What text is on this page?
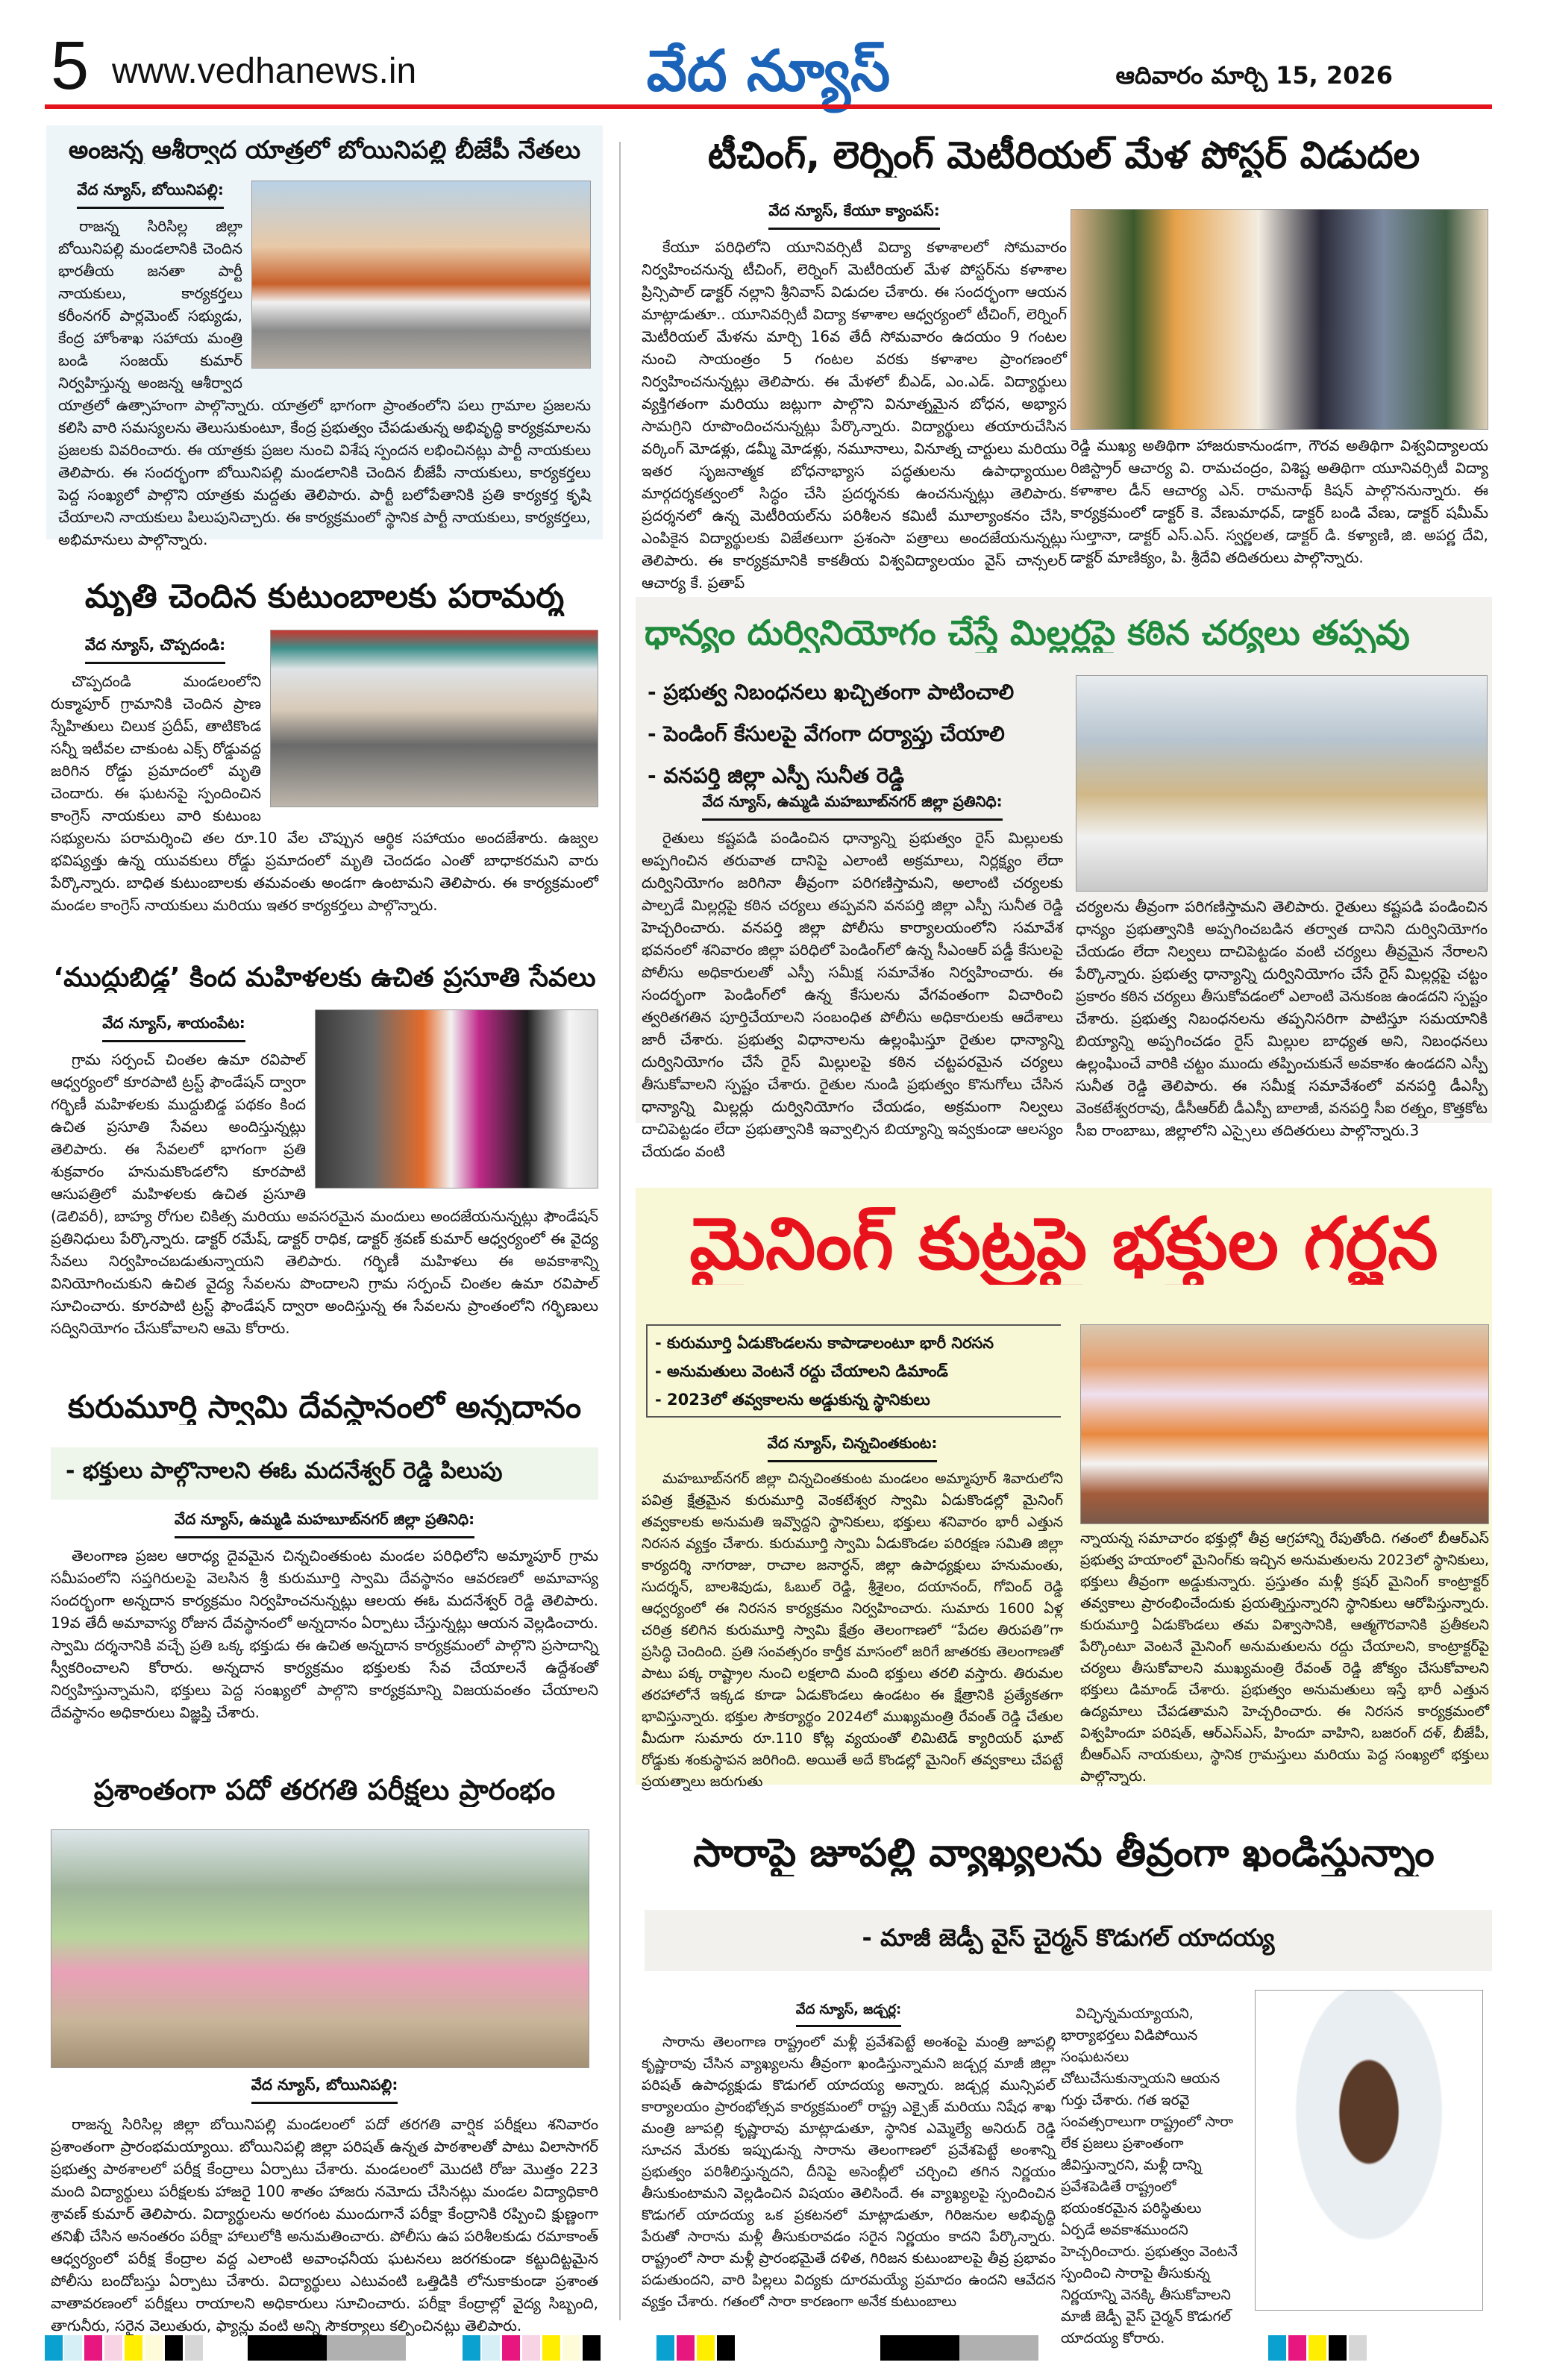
5 www.vedhanews.in	వేద న్యూస్	ఆదివారం మార్చి 15, 2026
అంజన్న ఆశీర్వాద యాత్రలో బోయినిపల్లి బీజేపీ నేతలు
వేద న్యూస్, బోయినిపల్లి:

రాజన్న సిరిసిల్ల జిల్లా బోయినిపల్లి మండలానికి చెందిన భారతీయ జనతా పార్టీ నాయకులు, కార్యకర్తలు కరీంనగర్ పార్లమెంట్ సభ్యుడు, కేంద్ర హోంశాఖ సహాయ మంత్రి బండి సంజయ్ కుమార్ నిర్వహిస్తున్న అంజన్న ఆశీర్వాద యాత్రలో ఉత్సాహంగా పాల్గొన్నారు. యాత్రలో భాగంగా ప్రాంతంలోని పలు గ్రామాల ప్రజలను కలిసి వారి సమస్యలను తెలుసుకుంటూ, కేంద్ర ప్రభుత్వం చేపడుతున్న అభివృద్ధి కార్యక్రమాలను ప్రజలకు వివరించారు. ఈ యాత్రకు ప్రజల నుంచి విశేష స్పందన లభించినట్లు పార్టీ నాయకులు తెలిపారు. ఈ సందర్భంగా బోయినిపల్లి మండలానికి చెందిన బీజేపీ నాయకులు, కార్యకర్తలు పెద్ద సంఖ్యలో పాల్గొని యాత్రకు మద్దతు తెలిపారు. పార్టీ బలోపేతానికి ప్రతి కార్యకర్త కృషి చేయాలని నాయకులు పిలుపునిచ్చారు. ఈ కార్యక్రమంలో స్థానిక పార్టీ నాయకులు, కార్యకర్తలు, అభిమానులు పాల్గొన్నారు.

మృతి చెందిన కుటుంబాలకు పరామర్శ
వేద న్యూస్, చొప్పదండి:

చొప్పదండి మండలంలోని రుక్మాపూర్ గ్రామానికి చెందిన ప్రాణ స్నేహితులు చిలుక ప్రదీప్, తాటికొండ సన్నీ ఇటీవల చాకుంట ఎక్స్ రోడ్డువద్ద జరిగిన రోడ్డు ప్రమాదంలో మృతి చెందారు. ఈ ఘటనపై స్పందించిన కాంగ్రెస్ నాయకులు వారి కుటుంబ సభ్యులను పరామర్శించి తల రూ.10 వేల చొప్పున ఆర్థిక సహాయం అందజేశారు. ఉజ్వల భవిష్యత్తు ఉన్న యువకులు రోడ్డు ప్రమాదంలో మృతి చెందడం ఎంతో బాధాకరమని వారు పేర్కొన్నారు. బాధిత కుటుంబాలకు తమవంతు అండగా ఉంటామని తెలిపారు. ఈ కార్యక్రమంలో మండల కాంగ్రెస్ నాయకులు మరియు ఇతర కార్యకర్తలు పాల్గొన్నారు.

‘ముద్దుబిడ్డ’ కింద మహిళలకు ఉచిత ప్రసూతి సేవలు
వేద న్యూస్, శాయంపేట:

గ్రామ సర్పంచ్ చింతల ఉమా రవిపాల్ ఆధ్వర్యంలో కూరపాటి ట్రస్ట్ ఫౌండేషన్ ద్వారా గర్భిణీ మహిళలకు ముద్దుబిడ్డ పథకం కింద ఉచిత ప్రసూతి సేవలు అందిస్తున్నట్లు తెలిపారు. ఈ సేవలలో భాగంగా ప్రతి శుక్రవారం హనుమకొండలోని కూరపాటి ఆసుపత్రిలో మహిళలకు ఉచిత ప్రసూతి (డెలివరీ), బాహ్య రోగుల చికిత్స మరియు అవసరమైన మందులు అందజేయనున్నట్లు ఫౌండేషన్ ప్రతినిధులు పేర్కొన్నారు. డాక్టర్ రమేష్, డాక్టర్ రాధిక, డాక్టర్ శ్రవణ్ కుమార్ ఆధ్వర్యంలో ఈ వైద్య సేవలు నిర్వహించబడుతున్నాయని తెలిపారు. గర్భిణీ మహిళలు ఈ అవకాశాన్ని వినియోగించుకుని ఉచిత వైద్య సేవలను పొందాలని గ్రామ సర్పంచ్ చింతల ఉమా రవిపాల్ సూచించారు. కూరపాటి ట్రస్ట్ ఫౌండేషన్ ద్వారా అందిస్తున్న ఈ సేవలను ప్రాంతంలోని గర్భిణులు సద్వినియోగం చేసుకోవాలని ఆమె కోరారు.

కురుమూర్తి స్వామి దేవస్థానంలో అన్నదానం
- భక్తులు పాల్గొనాలని ఈఓ మదనేశ్వర్ రెడ్డి పిలుపు
వేద న్యూస్, ఉమ్మడి మహబూబ్‌నగర్ జిల్లా ప్రతినిధి:

తెలంగాణ ప్రజల ఆరాధ్య దైవమైన చిన్నచింతకుంట మండల పరిధిలోని అమ్మాపూర్ గ్రామ సమీపంలోని సప్తగిరులపై వెలసిన శ్రీ కురుమూర్తి స్వామి దేవస్థానం ఆవరణలో అమావాస్య సందర్భంగా అన్నదాన కార్యక్రమం నిర్వహించనున్నట్లు ఆలయ ఈఓ మదనేశ్వర్ రెడ్డి తెలిపారు. 19వ తేదీ అమావాస్య రోజున దేవస్థానంలో అన్నదానం ఏర్పాటు చేస్తున్నట్లు ఆయన వెల్లడించారు. స్వామి దర్శనానికి వచ్చే ప్రతి ఒక్క భక్తుడు ఈ ఉచిత అన్నదాన కార్యక్రమంలో పాల్గొని ప్రసాదాన్ని స్వీకరించాలని కోరారు. అన్నదాన కార్యక్రమం భక్తులకు సేవ చేయాలనే ఉద్దేశంతో నిర్వహిస్తున్నామని, భక్తులు పెద్ద సంఖ్యలో పాల్గొని కార్యక్రమాన్ని విజయవంతం చేయాలని దేవస్థానం అధికారులు విజ్ఞప్తి చేశారు.

ప్రశాంతంగా పదో తరగతి పరీక్షలు ప్రారంభం
వేద న్యూస్, బోయినిపల్లి:

రాజన్న సిరిసిల్ల జిల్లా బోయినిపల్లి మండలంలో పదో తరగతి వార్షిక పరీక్షలు శనివారం ప్రశాంతంగా ప్రారంభమయ్యాయి. బోయినిపల్లి జిల్లా పరిషత్ ఉన్నత పాఠశాలతో పాటు విలాసాగర్ ప్రభుత్వ పాఠశాలలో పరీక్ష కేంద్రాలు ఏర్పాటు చేశారు. మండలంలో మొదటి రోజు మొత్తం 223 మంది విద్యార్థులు పరీక్షలకు హాజరై 100 శాతం హాజరు నమోదు చేసినట్లు మండల విద్యాధికారి శ్రావణ్ కుమార్ తెలిపారు. విద్యార్థులను అరగంట ముందుగానే పరీక్షా కేంద్రానికి రప్పించి క్షుణ్ణంగా తనిఖీ చేసిన అనంతరం పరీక్షా హాలులోకి అనుమతించారు. పోలీసు ఉప పరిశీలకుడు రమాకాంత్ ఆధ్వర్యంలో పరీక్ష కేంద్రాల వద్ద ఎలాంటి అవాంఛనీయ ఘటనలు జరగకుండా కట్టుదిట్టమైన పోలీసు బందోబస్తు ఏర్పాటు చేశారు. విద్యార్థులు ఎటువంటి ఒత్తిడికి లోనుకాకుండా ప్రశాంత వాతావరణంలో పరీక్షలు రాయాలని అధికారులు సూచించారు. పరీక్షా కేంద్రాల్లో వైద్య సిబ్బంది, తాగునీరు, సరైన వెలుతురు, ఫ్యాన్లు వంటి అన్ని సౌకర్యాలు కల్పించినట్లు తెలిపారు.

టీచింగ్, లెర్నింగ్ మెటీరియల్ మేళ పోస్టర్ విడుదల
వేద న్యూస్, కేయూ క్యాంపస్:

కేయూ పరిధిలోని యూనివర్సిటీ విద్యా కళాశాలలో సోమవారం నిర్వహించనున్న టీచింగ్, లెర్నింగ్ మెటీరియల్ మేళ పోస్టర్‌ను కళాశాల ప్రిన్సిపాల్ డాక్టర్ నల్లాని శ్రీనివాస్ విడుదల చేశారు. ఈ సందర్భంగా ఆయన మాట్లాడుతూ.. యూనివర్సిటీ విద్యా కళాశాల ఆధ్వర్యంలో టీచింగ్, లెర్నింగ్ మెటీరియల్ మేళను మార్చి 16వ తేదీ సోమవారం ఉదయం 9 గంటల నుంచి సాయంత్రం 5 గంటల వరకు కళాశాల ప్రాంగణంలో నిర్వహించనున్నట్లు తెలిపారు. ఈ మేళలో బీఎడ్, ఎం.ఎడ్. విద్యార్థులు వ్యక్తిగతంగా మరియు జట్లుగా పాల్గొని వినూత్నమైన బోధన, అభ్యాస సామగ్రిని రూపొందించనున్నట్లు పేర్కొన్నారు. విద్యార్థులు తయారుచేసిన వర్కింగ్ మోడళ్లు, డమ్మీ మోడళ్లు, నమూనాలు, వినూత్న చార్టులు మరియు ఇతర సృజనాత్మక బోధనాభ్యాస పద్ధతులను ఉపాధ్యాయుల మార్గదర్శకత్వంలో సిద్ధం చేసి ప్రదర్శనకు ఉంచనున్నట్లు తెలిపారు. ప్రదర్శనలో ఉన్న మెటీరియల్‌ను పరిశీలన కమిటీ మూల్యాంకనం చేసి, ఎంపికైన విద్యార్థులకు విజేతలుగా ప్రశంసా పత్రాలు అందజేయనున్నట్లు తెలిపారు. ఈ కార్యక్రమానికి కాకతీయ విశ్వవిద్యాలయం వైస్ చాన్సలర్ ఆచార్య కే. ప్రతాప్

రెడ్డి ముఖ్య అతిథిగా హాజరుకానుండగా, గౌరవ అతిథిగా విశ్వవిద్యాలయ రిజిస్ట్రార్ ఆచార్య వి. రామచంద్రం, విశిష్ట అతిథిగా యూనివర్సిటీ విద్యా కళాశాల డీన్ ఆచార్య ఎన్. రామనాథ్ కిషన్ పాల్గొననున్నారు. ఈ కార్యక్రమంలో డాక్టర్ కె. వేణుమాధవ్, డాక్టర్ బండి వేణు, డాక్టర్ షమీమ్ సుల్తానా, డాక్టర్ ఎస్.ఎస్. స్వర్ణలత, డాక్టర్ డి. కళ్యాణి, జి. అపర్ణ దేవి, డాక్టర్ మాణిక్యం, పి. శ్రీదేవి తదితరులు పాల్గొన్నారు.

ధాన్యం దుర్వినియోగం చేస్తే మిల్లర్లపై కఠిన చర్యలు తప్పవు
- ప్రభుత్వ నిబంధనలు ఖచ్చితంగా పాటించాలి
- పెండింగ్ కేసులపై వేగంగా దర్యాప్తు చేయాలి
- వనపర్తి జిల్లా ఎస్పీ సునీత రెడ్డి
వేద న్యూస్, ఉమ్మడి మహబూబ్‌నగర్ జిల్లా ప్రతినిధి:

రైతులు కష్టపడి పండించిన ధాన్యాన్ని ప్రభుత్వం రైస్ మిల్లులకు అప్పగించిన తరువాత దానిపై ఎలాంటి అక్రమాలు, నిర్లక్ష్యం లేదా దుర్వినియోగం జరిగినా తీవ్రంగా పరిగణిస్తామని, అలాంటి చర్యలకు పాల్పడే మిల్లర్లపై కఠిన చర్యలు తప్పవని వనపర్తి జిల్లా ఎస్పీ సునీత రెడ్డి హెచ్చరించారు. వనపర్తి జిల్లా పోలీసు కార్యాలయంలోని సమావేశ భవనంలో శనివారం జిల్లా పరిధిలో పెండింగ్‌లో ఉన్న సీఎంఆర్ పడ్డీ కేసులపై పోలీసు అధికారులతో ఎస్పీ సమీక్ష సమావేశం నిర్వహించారు. ఈ సందర్భంగా పెండింగ్‌లో ఉన్న కేసులను వేగవంతంగా విచారించి త్వరితగతిన పూర్తిచేయాలని సంబంధిత పోలీసు అధికారులకు ఆదేశాలు జారీ చేశారు. ప్రభుత్వ విధానాలను ఉల్లంఘిస్తూ రైతుల ధాన్యాన్ని దుర్వినియోగం చేసే రైస్ మిల్లులపై కఠిన చట్టపరమైన చర్యలు తీసుకోవాలని స్పష్టం చేశారు. రైతుల నుండి ప్రభుత్వం కొనుగోలు చేసిన ధాన్యాన్ని మిల్లర్లు దుర్వినియోగం చేయడం, అక్రమంగా నిల్వలు దాచిపెట్టడం లేదా ప్రభుత్వానికి ఇవ్వాల్సిన బియ్యాన్ని ఇవ్వకుండా ఆలస్యం చేయడం వంటి

చర్యలను తీవ్రంగా పరిగణిస్తామని తెలిపారు. రైతులు కష్టపడి పండించిన ధాన్యం ప్రభుత్వానికి అప్పగించబడిన తర్వాత దానిని దుర్వినియోగం చేయడం లేదా నిల్వలు దాచిపెట్టడం వంటి చర్యలు తీవ్రమైన నేరాలని పేర్కొన్నారు. ప్రభుత్వ ధాన్యాన్ని దుర్వినియోగం చేసే రైస్ మిల్లర్లపై చట్టం ప్రకారం కఠిన చర్యలు తీసుకోవడంలో ఎలాంటి వెనుకంజ ఉండదని స్పష్టం చేశారు. ప్రభుత్వ నిబంధనలను తప్పనిసరిగా పాటిస్తూ సమయానికి బియ్యాన్ని అప్పగించడం రైస్ మిల్లుల బాధ్యత అని, నిబంధనలు ఉల్లంఘించే వారికి చట్టం ముందు తప్పించుకునే అవకాశం ఉండదని ఎస్పీ సునీత రెడ్డి తెలిపారు. ఈ సమీక్ష సమావేశంలో వనపర్తి డీఎస్పీ వెంకటేశ్వరరావు, డీసీఆర్‌బీ డీఎస్పీ బాలాజీ, వనపర్తి సీఐ రత్నం, కొత్తకోట సీఐ రాంబాబు, జిల్లాలోని ఎస్సైలు తదితరులు పాల్గొన్నారు.3

మైనింగ్ కుట్రపై భక్తుల గర్జన
- కురుమూర్తి ఏడుకొండలను కాపాడాలంటూ భారీ నిరసన
- అనుమతులు వెంటనే రద్దు చేయాలని డిమాండ్
- 2023లో తవ్వకాలను అడ్డుకున్న స్థానికులు
వేద న్యూస్, చిన్నచింతకుంట:

మహబూబ్‌నగర్ జిల్లా చిన్నచింతకుంట మండలం అమ్మాపూర్ శివారులోని పవిత్ర క్షేత్రమైన కురుమూర్తి వెంకటేశ్వర స్వామి ఏడుకొండల్లో మైనింగ్ తవ్వకాలకు అనుమతి ఇవ్వొద్దని స్థానికులు, భక్తులు శనివారం భారీ ఎత్తున నిరసన వ్యక్తం చేశారు. కురుమూర్తి స్వామి ఏడుకొండల పరిరక్షణ సమితి జిల్లా కార్యదర్శి నాగరాజు, రాచాల జనార్ధన్, జిల్లా ఉపాధ్యక్షులు హనుమంతు, సుదర్శన్, బాలశివుడు, ఓబుల్ రెడ్డి, శ్రీశైలం, దయానంద్, గోవింద్ రెడ్డి ఆధ్వర్యంలో ఈ నిరసన కార్యక్రమం నిర్వహించారు. సుమారు 1600 ఏళ్ల చరిత్ర కలిగిన కురుమూర్తి స్వామి క్షేత్రం తెలంగాణలో “పేదల తిరుపతి”గా ప్రసిద్ధి చెందింది. ప్రతి సంవత్సరం కార్తీక మాసంలో జరిగే జాతరకు తెలంగాణతో పాటు పక్క రాష్ట్రాల నుంచి లక్షలాది మంది భక్తులు తరలి వస్తారు. తిరుమల తరహాలోనే ఇక్కడ కూడా ఏడుకొండలు ఉండటం ఈ క్షేత్రానికి ప్రత్యేకతగా భావిస్తున్నారు. భక్తుల సౌకర్యార్థం 2024లో ముఖ్యమంత్రి రేవంత్ రెడ్డి చేతుల మీదుగా సుమారు రూ.110 కోట్ల వ్యయంతో లిమిటెడ్ క్యారియర్ ఘాట్ రోడ్డుకు శంకుస్థాపన జరిగింది. అయితే అదే కొండల్లో మైనింగ్ తవ్వకాలు చేపట్టే ప్రయత్నాలు జరుగుతు

న్నాయన్న సమాచారం భక్తుల్లో తీవ్ర ఆగ్రహాన్ని రేపుతోంది. గతంలో బీఆర్ఎస్ ప్రభుత్వ హయాంలో మైనింగ్‌కు ఇచ్చిన అనుమతులను 2023లో స్థానికులు, భక్తులు తీవ్రంగా అడ్డుకున్నారు. ప్రస్తుతం మళ్లీ క్రషర్ మైనింగ్ కాంట్రాక్టర్ తవ్వకాలు ప్రారంభించేందుకు ప్రయత్నిస్తున్నారని స్థానికులు ఆరోపిస్తున్నారు. కురుమూర్తి ఏడుకొండలు తమ విశ్వాసానికి, ఆత్మగౌరవానికి ప్రతీకలని పేర్కొంటూ వెంటనే మైనింగ్ అనుమతులను రద్దు చేయాలని, కాంట్రాక్టర్‌పై చర్యలు తీసుకోవాలని ముఖ్యమంత్రి రేవంత్ రెడ్డి జోక్యం చేసుకోవాలని భక్తులు డిమాండ్ చేశారు. ప్రభుత్వం అనుమతులు ఇస్తే భారీ ఎత్తున ఉద్యమాలు చేపడతామని హెచ్చరించారు. ఈ నిరసన కార్యక్రమంలో విశ్వహిందూ పరిషత్, ఆర్ఎస్ఎస్, హిందూ వాహిని, బజరంగ్ దళ్, బీజేపీ, బీఆర్ఎస్ నాయకులు, స్థానిక గ్రామస్తులు మరియు పెద్ద సంఖ్యలో భక్తులు పాల్గొన్నారు.

సారాపై జూపల్లి వ్యాఖ్యలను తీవ్రంగా ఖండిస్తున్నాం
- మాజీ జెడ్పీ వైస్ చైర్మన్ కొడుగల్ యాదయ్య
వేద న్యూస్, జడ్చర్ల:

సారాను తెలంగాణ రాష్ట్రంలో మళ్లీ ప్రవేశపెట్టే అంశంపై మంత్రి జూపల్లి కృష్ణారావు చేసిన వ్యాఖ్యలను తీవ్రంగా ఖండిస్తున్నామని జడ్చర్ల మాజీ జిల్లా పరిషత్ ఉపాధ్యక్షుడు కొడుగల్ యాదయ్య అన్నారు. జడ్చర్ల మున్సిపల్ కార్యాలయం ప్రారంభోత్సవ కార్యక్రమంలో రాష్ట్ర ఎక్సైజ్ మరియు నిషేధ శాఖ మంత్రి జూపల్లి కృష్ణారావు మాట్లాడుతూ, స్థానిక ఎమ్మెల్యే అనిరుద్ రెడ్డి సూచన మేరకు ఇప్పుడున్న సారాను తెలంగాణలో ప్రవేశపెట్టే అంశాన్ని ప్రభుత్వం పరిశీలిస్తున్నదని, దీనిపై అసెంబ్లీలో చర్చించి తగిన నిర్ణయం తీసుకుంటామని వెల్లడించిన విషయం తెలిసిందే. ఈ వ్యాఖ్యలపై స్పందించిన కొడుగల్ యాదయ్య ఒక ప్రకటనలో మాట్లాడుతూ, గిరిజనుల అభివృద్ధి పేరుతో సారాను మళ్లీ తీసుకురావడం సరైన నిర్ణయం కాదని పేర్కొన్నారు. రాష్ట్రంలో సారా మళ్లీ ప్రారంభమైతే దళిత, గిరిజన కుటుంబాలపై తీవ్ర ప్రభావం పడుతుందని, వారి పిల్లలు విద్యకు దూరమయ్యే ప్రమాదం ఉందని ఆవేదన వ్యక్తం చేశారు. గతంలో సారా కారణంగా అనేక కుటుంబాలు

విచ్ఛిన్నమయ్యాయని, భార్యాభర్తలు విడిపోయిన సంఘటనలు చోటుచేసుకున్నాయని ఆయన గుర్తు చేశారు. గత ఇరవై సంవత్సరాలుగా రాష్ట్రంలో సారా లేక ప్రజలు ప్రశాంతంగా జీవిస్తున్నారని, మళ్లీ దాన్ని ప్రవేశపెడితే రాష్ట్రంలో భయంకరమైన పరిస్థితులు ఏర్పడే అవకాశముందని హెచ్చరించారు. ప్రభుత్వం వెంటనే స్పందించి సారాపై తీసుకున్న నిర్ణయాన్ని వెనక్కి తీసుకోవాలని మాజీ జెడ్పీ వైస్ చైర్మన్ కొడుగల్ యాదయ్య కోరారు.
